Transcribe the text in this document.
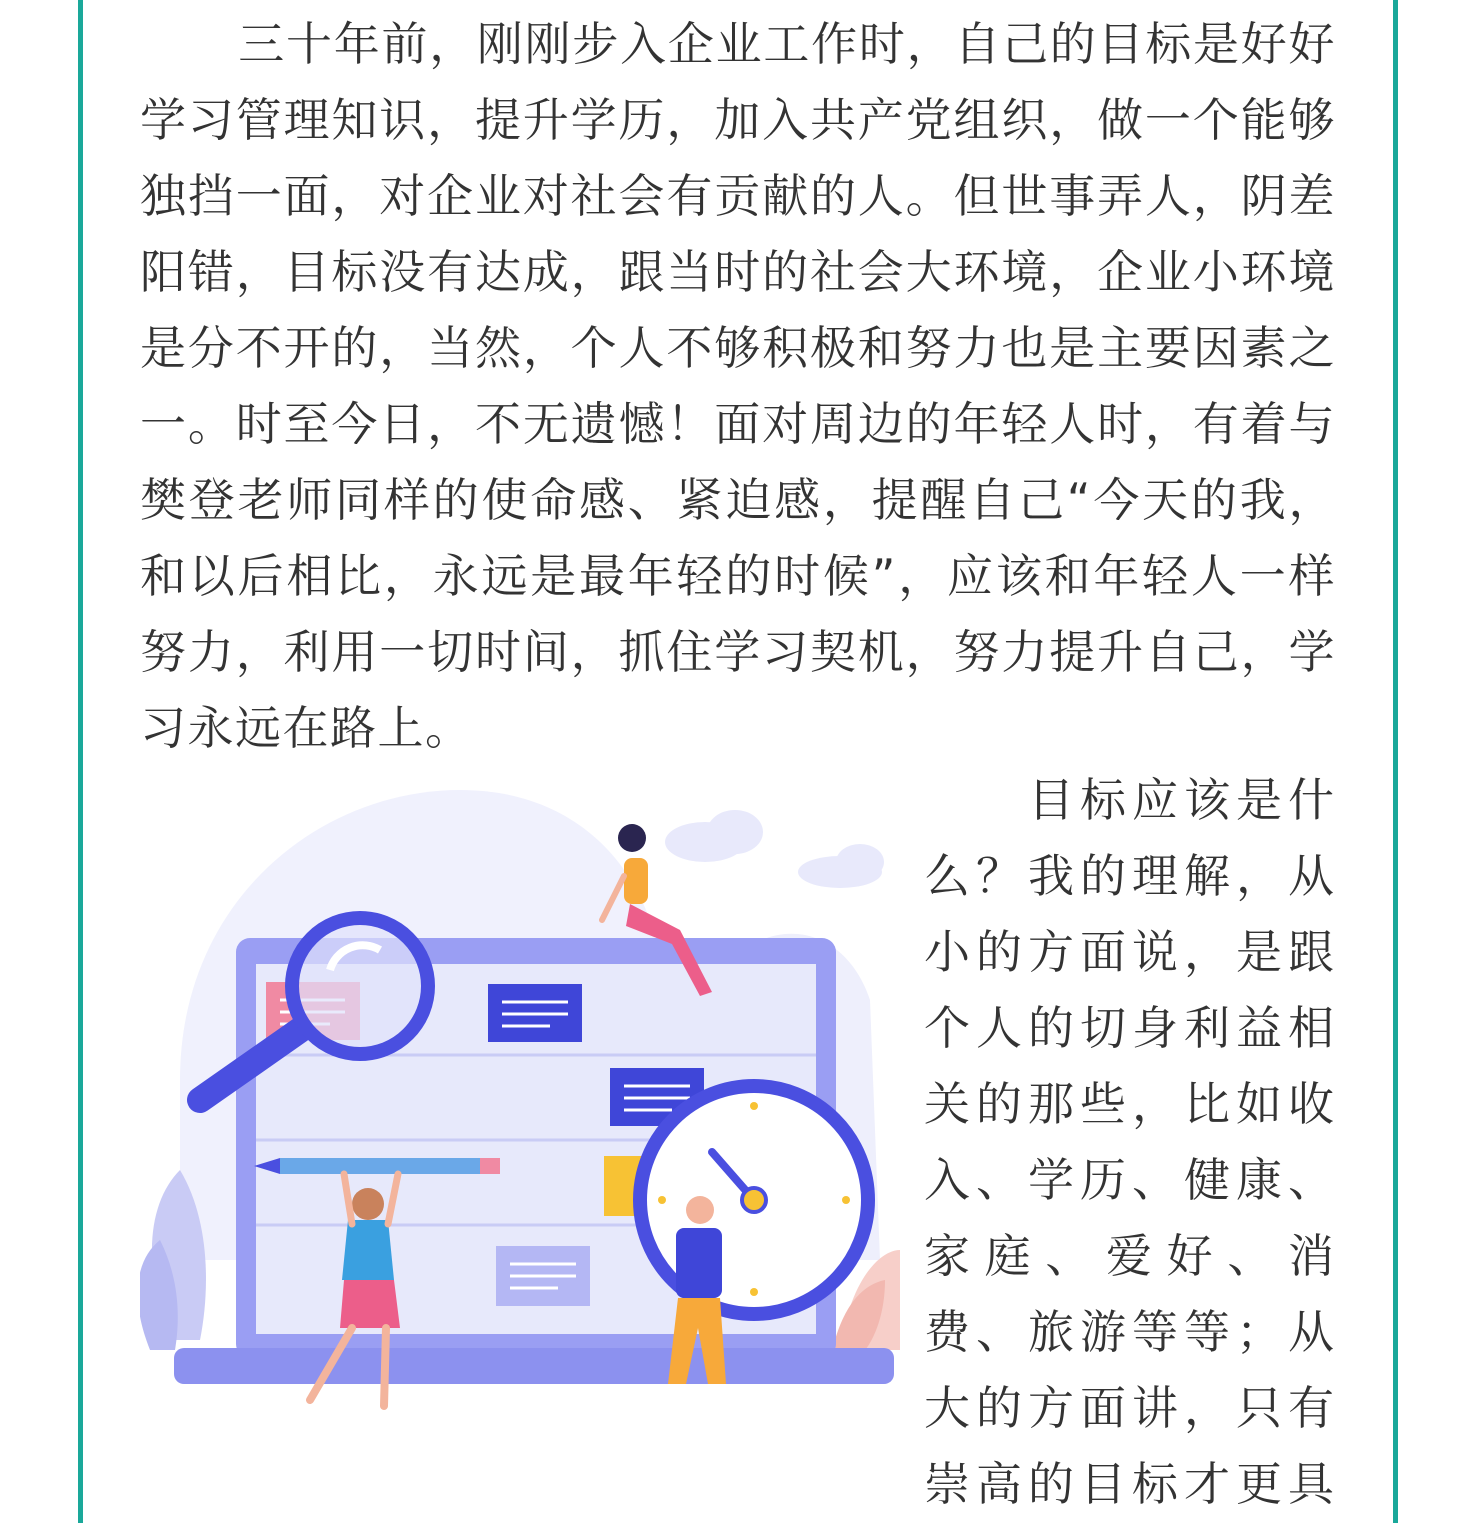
三十年前，刚刚步入企业工作时，自己的目标是好好学习管理知识，提升学历，加入共产党组织，做一个能够独挡一面，对企业对社会有贡献的人。但世事弄人，阴差阳错，目标没有达成，跟当时的社会大环境，企业小环境是分不开的，当然，个人不够积极和努力也是主要因素之一。时至今日，不无遗憾！面对周边的年轻人时，有着与樊登老师同样的使命感、紧迫感，提醒自己“今天的我，和以后相比，永远是最年轻的时候”，应该和年轻人一样努力，利用一切时间，抓住学习契机，努力提升自己，学习永远在路上。

目标应该是什
么？我的理解，从
小的方面说，是跟
个人的切身利益相
关的那些，比如收
入、学历、健康、
家庭、爱好、消
费、旅游等等；从
大的方面讲，只有
崇高的目标才更具
